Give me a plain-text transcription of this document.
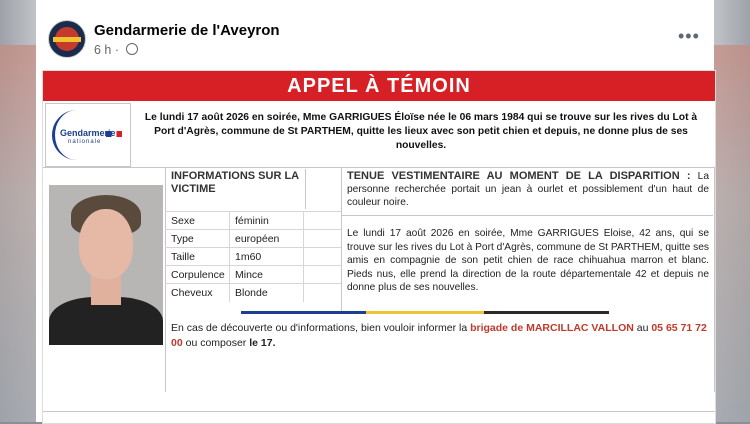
Gendarmerie de l'Aveyron
6 h ·
•••
APPEL À TÉMOIN
Gendarmerie
nationale
Le lundi 17 août 2026 en soirée, Mme GARRIGUES Éloïse née le 06 mars 1984 qui se trouve sur les rives du Lot à Port d'Agrès, commune de St PARTHEM, quitte les lieux avec son petit chien et depuis, ne donne plus de ses nouvelles.
INFORMATIONS SUR LA VICTIME
Sexe	féminin
Type	européen
Taille	1m60
Corpulence Mince
Cheveux Blonde
TENUE VESTIMENTAIRE AU MOMENT DE LA DISPARITION : La personne recherchée portait un jean à ourlet et possiblement d'un haut de couleur noire.
Le lundi 17 août 2026 en soirée, Mme GARRIGUES Eloise, 42 ans, qui se trouve sur les rives du Lot à Port d'Agrès, commune de St PARTHEM, quitte ses amis en compagnie de son petit chien de race chihuahua marron et blanc. Pieds nus, elle prend la direction de la route départementale 42 et depuis ne donne plus de ses nouvelles.
En cas de découverte ou d'informations, bien vouloir informer la brigade de MARCILLAC VALLON au 05 65 71 72 00 ou composer le 17.
